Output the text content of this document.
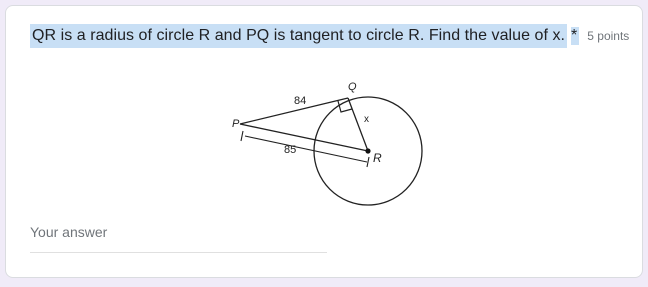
QR is a radius of circle R and PQ is tangent to circle R. Find the value of x. * 5 points
P
Q
R
x
84
85
Your answer
